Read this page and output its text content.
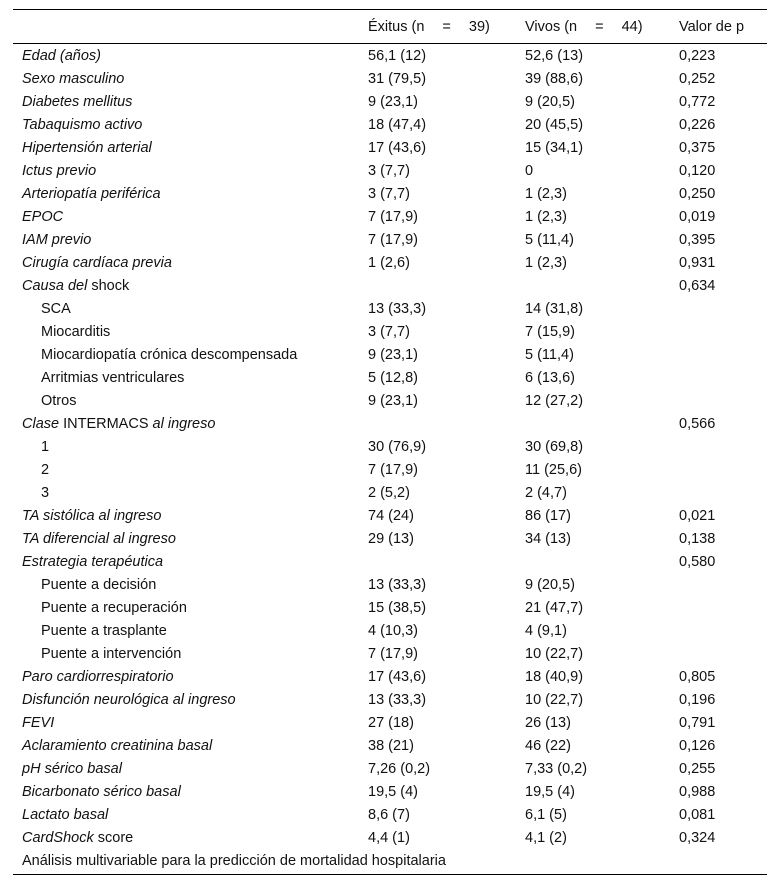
	Éxitus (n = 39)	Vivos (n = 44)	Valor de p
Edad (años)	56,1 (12)	52,6 (13)	0,223
Sexo masculino	31 (79,5)	39 (88,6)	0,252
Diabetes mellitus	9 (23,1)	9 (20,5)	0,772
Tabaquismo activo	18 (47,4)	20 (45,5)	0,226
Hipertensión arterial	17 (43,6)	15 (34,1)	0,375
Ictus previo	3 (7,7)	0	0,120
Arteriopatía periférica	3 (7,7)	1 (2,3)	0,250
EPOC	7 (17,9)	1 (2,3)	0,019
IAM previo	7 (17,9)	5 (11,4)	0,395
Cirugía cardíaca previa	1 (2,6)	1 (2,3)	0,931
Causa del shock			0,634
SCA	13 (33,3)	14 (31,8)	
Miocarditis	3 (7,7)	7 (15,9)	
Miocardiopatía crónica descompensada	9 (23,1)	5 (11,4)	
Arritmias ventriculares	5 (12,8)	6 (13,6)	
Otros	9 (23,1)	12 (27,2)	
Clase INTERMACS al ingreso			0,566
1	30 (76,9)	30 (69,8)	
2	7 (17,9)	11 (25,6)	
3	2 (5,2)	2 (4,7)	
TA sistólica al ingreso	74 (24)	86 (17)	0,021
TA diferencial al ingreso	29 (13)	34 (13)	0,138
Estrategia terapéutica			0,580
Puente a decisión	13 (33,3)	9 (20,5)	
Puente a recuperación	15 (38,5)	21 (47,7)	
Puente a trasplante	4 (10,3)	4 (9,1)	
Puente a intervención	7 (17,9)	10 (22,7)	
Paro cardiorrespiratorio	17 (43,6)	18 (40,9)	0,805
Disfunción neurológica al ingreso	13 (33,3)	10 (22,7)	0,196
FEVI	27 (18)	26 (13)	0,791
Aclaramiento creatinina basal	38 (21)	46 (22)	0,126
pH sérico basal	7,26 (0,2)	7,33 (0,2)	0,255
Bicarbonato sérico basal	19,5 (4)	19,5 (4)	0,988
Lactato basal	8,6 (7)	6,1 (5)	0,081
CardShock score	4,4 (1)	4,1 (2)	0,324
Análisis multivariable para la predicción de mortalidad hospitalaria			
